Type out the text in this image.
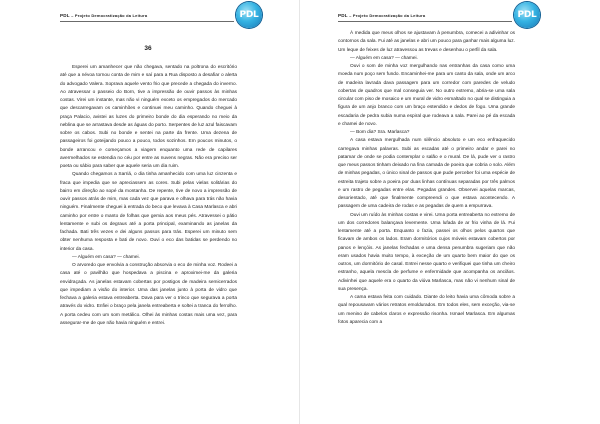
PDL – Projeto Democratização da Leitura	PDL
36

Esperei um amanhecer que não chegava, sentado na poltrona do escritório até que a névoa tornou conta de mim e saí para a Rua disposto a desafiar o alerta do advogado Valera. Soprava aquele vento frio que precede a chegada do inverno. Ao atravessar o passeio do Born, tive a impressão de ouvir passos às minhas costas. Virei um instante, mas não vi ninguém exceto os empregados do mercado que descarregavam os caminhões e continuei meu caminho. Quando cheguei à praça Palacio, avistei as luzes do primeiro bonde do dia esperando no meio da neblina que se arrastava desde as águas do porto. Serpentes de luz azul faiscavam sobre os cabos. Subi no bonde e sentei na parte da frente. Uma dezena de passageiros foi goteijando pouco a pouco, todos sozinhos. Em poucos minutos, o bonde arrancou e começamos a viagem enquanto uma rede de capilares avermelhados se estendia no céu por entre as nuvens negras. Não era preciso ser poeta ou sábio para saber que aquele seria um dia ruim.

Quando chegamos a Sarriá, o dia tinha amanhecido com uma luz cinzenta e fraca que impedia que se apreciassem as cores. Subi pelas vielas solitárias do bairro em direção ao sopé da montanha. De repente, tive de novo a impressão de ouvir passos atrás de mim, mas cada vez que parava e olhava para trás não havia ninguém. Finalmente cheguei à entrada do beco que levava à Casa Marlasca e abri caminho por entre o manto de folhas que gemia aos meus pés. Atravessei o pátio lentamente e subi os degraus até a porta principal, examinando as janelas da fachada. Bati três vezes e dei alguns passos para trás. Esperei um minuto sem obter nenhuma resposta e bati de novo. Ouvi o eco das batidas se perdendo no interior da casa.

— Alguém em casa? — chamei.

O arvoredo que envolvia a construção absorvia o eco de minha voz. Rodeei a casa até o pavilhão que hospedava a piscina e aproximei-me da galeria envidraçada. As janelas estavam cobertas por postigos de madeira semicerrados que impediam a visão do interior. Uma das janelas junto à porta de vidro que fechava a galeria estava entreaberta. Dava para ver o trinco que segurava a porta através do vidro. Enfiei o braço pela janela entreaberta e soltei a tranca do ferrolho. A porta cedeu com um som metálico. Olhei às minhas costas mais uma vez, para assegurar-me de que não havia ninguém e entrei.

PDL – Projeto Democratização da Leitura	PDL

À medida que meus olhos se ajustavam à penumbra, comecei a adivinhar os contornos da sala. Fui até as janelas e abri um pouco para ganhar mais alguma luz. Um leque de feixes de luz atravessou as trevas e desenhou o perfil da sala.

— Alguém em casa? — chamei.

Ouvi o som de minha voz mergulhando nas entranhas da casa como uma moeda num poço sem fundo. Encaminhei-me para um canto da sala, onde um arco de madeira lavrada dava passagem para um corredor com paredes de veludo cobertas de quadros que mal conseguia ver. No outro extremo, abria-se uma sala circular com piso de mosaico e um mural de vidro esmaltado no qual se distinguia a figura de um anjo branco com um braço estendido e dedos de fogo. Uma grande escadaria de pedra subia numa espiral que rodeava a sala. Parei ao pé da escada e chamei de novo.

— Bom dia? Sra. Marlasca?

A casa estava mergulhada num silêncio absoluto e um eco enfraquecido carregava minhas palavras. Subi as escadas até o primeiro andar e parei no patamar de onde se podia contemplar o salão e o mural. De lá, pude ver o rastro que meus passos tinham deixado na fina camada de poeira que cobria o solo. Além de minhas pegadas, o único sinal de passos que pude perceber foi uma espécie de estreita trajeto sobre a poeira por duas linhas contínuas separadas por três palmos e um rastro de pegadas entre elas. Pegadas grandes. Observei aquelas marcas, desorientado, até que finalmente compreendi o que estava acontecendo. A passagem de uma cadeira de rodas e as pegadas de quem a empurrava.

Ouvi um ruído às minhas costas e virei. Uma porta entreaberta no extremo de um dos corredores balançava levemente. Uma lufada de ar frio vinha de lá. Fui lentamente até a porta. Enquanto o fazia, passei os olhos pelos quartos que ficavam de ambos os lados. Eram dormitórios cujos móveis estavam cobertos por panos e lençóis. As janelas fechadas e uma densa penumbra sugeriam que não eram usados havia muito tempo, à exceção de um quarto bem maior do que os outros, um dormitório de casal. Entrei nesse quarto e verifiquei que tinha um cheiro estranho, aquela mescla de perfume e enfermidade que acompanha os anciãos. Adivinhei que aquele era o quarto da viúva Marlasca, mas não vi nenhum sinal de sua presença.

A cama estava feita com cuidado. Diante do leito havia uma cômoda sobre a qual repousavam vários retratos emoldurados. Em todos eles, sem exceção, via-se um menino de cabelos claros e expressão risonha. Ismael Marlasca. Em algumas fotos aparecia com a
